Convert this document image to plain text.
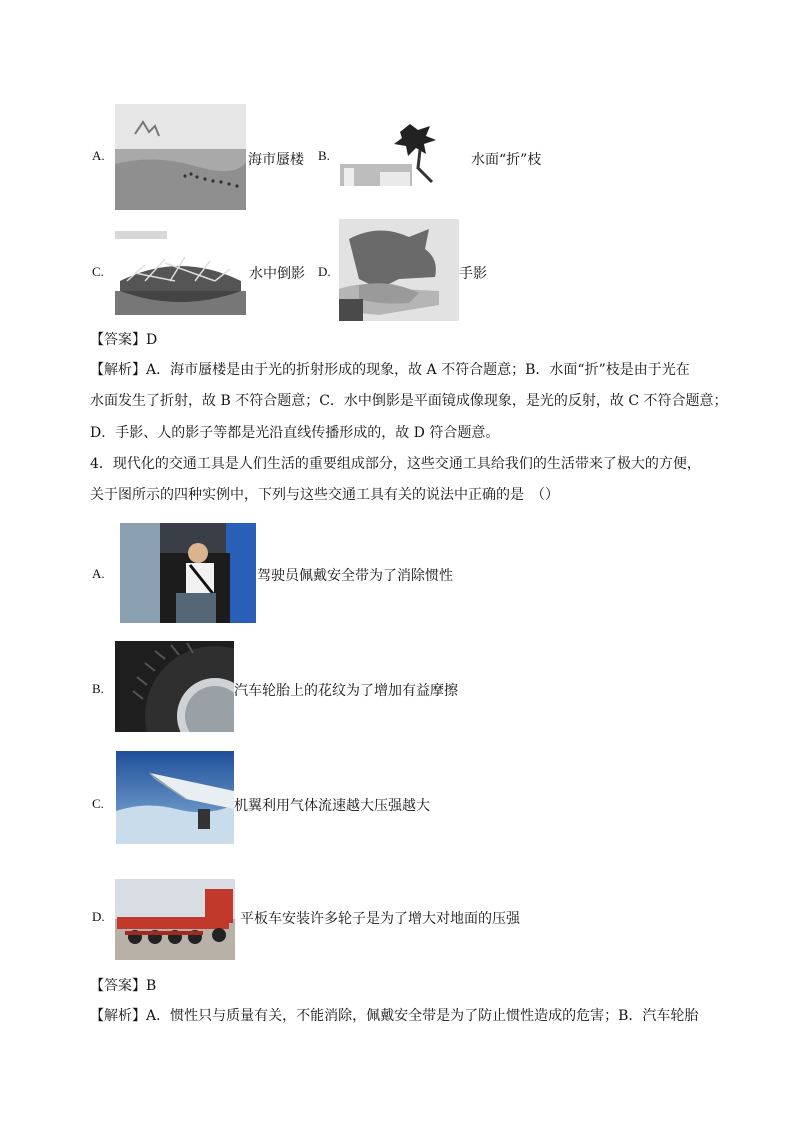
A.	海市蜃楼 B.	水面“折”枝
C.	水中倒影 D.	手影
【答案】D
【解析】A．海市蜃楼是由于光的折射形成的现象，故 A 不符合题意；B．水面“折”枝是由于光在
水面发生了折射，故 B 不符合题意；C．水中倒影是平面镜成像现象，是光的反射，故 C 不符合题意；
D．手影、人的影子等都是光沿直线传播形成的，故 D 符合题意。
4．现代化的交通工具是人们生活的重要组成部分，这些交通工具给我们的生活带来了极大的方便，
关于图所示的四种实例中，下列与这些交通工具有关的说法中正确的是　（）
A.	驾驶员佩戴安全带为了消除惯性
B.	汽车轮胎上的花纹为了增加有益摩擦
C.	机翼利用气体流速越大压强越大
D.	平板车安装许多轮子是为了增大对地面的压强
【答案】B
【解析】A．惯性只与质量有关，不能消除，佩戴安全带是为了防止惯性造成的危害；B．汽车轮胎
